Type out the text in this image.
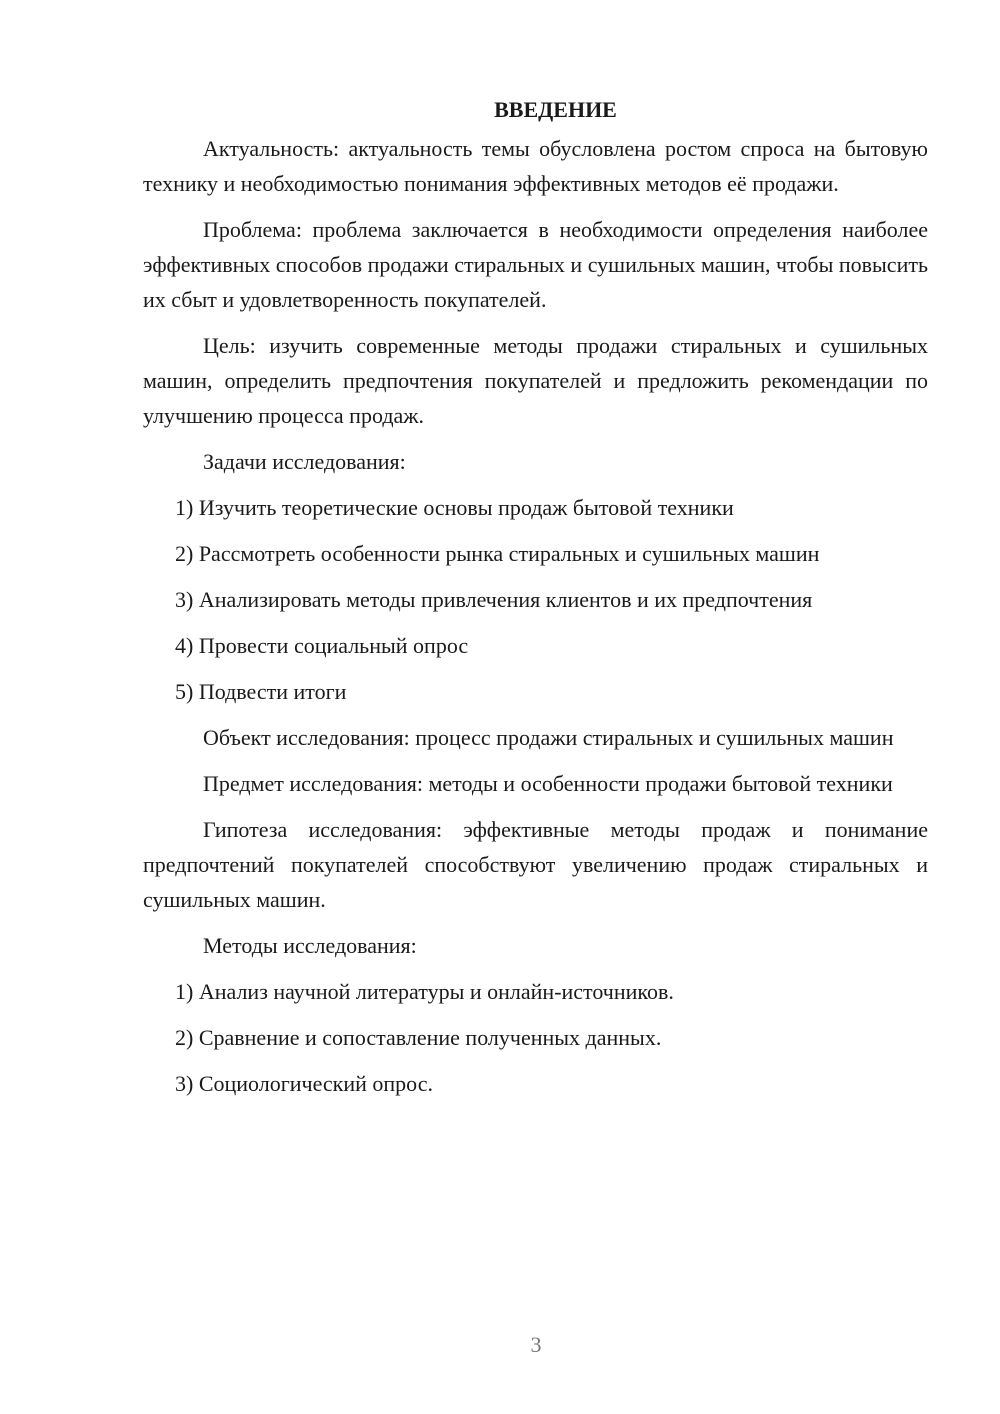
ВВЕДЕНИЕ

Актуальность: актуальность темы обусловлена ростом спроса на бытовую технику и необходимостью понимания эффективных методов её продажи.

Проблема: проблема заключается в необходимости определения наиболее эффективных способов продажи стиральных и сушильных машин, чтобы повысить их сбыт и удовлетворенность покупателей.

Цель: изучить современные методы продажи стиральных и сушильных машин, определить предпочтения покупателей и предложить рекомендации по улучшению процесса продаж.

Задачи исследования:

1) Изучить теоретические основы продаж бытовой техники
2) Рассмотреть особенности рынка стиральных и сушильных машин
3) Анализировать методы привлечения клиентов и их предпочтения
4) Провести социальный опрос
5) Подвести итоги

Объект исследования: процесс продажи стиральных и сушильных машин

Предмет исследования: методы и особенности продажи бытовой техники

Гипотеза исследования: эффективные методы продаж и понимание предпочтений покупателей способствуют увеличению продаж стиральных и сушильных машин.

Методы исследования:

1) Анализ научной литературы и онлайн-источников.
2) Сравнение и сопоставление полученных данных.
3) Социологический опрос.
3
